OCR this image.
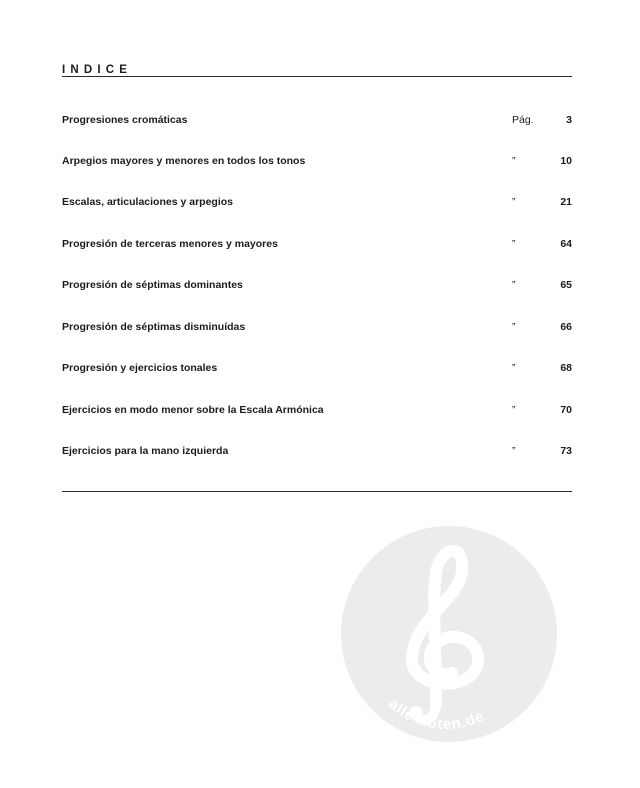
INDICE
Progresiones cromáticas	Pág.	3
Arpegios mayores y menores en todos los tonos	”	10
Escalas, articulaciones y arpegios	”	21
Progresión de terceras menores y mayores	”	64
Progresión de séptimas dominantes	”	65
Progresión de séptimas disminuídas	”	66
Progresión y ejercicios tonales	”	68
Ejercicios en modo menor sobre la Escala Armónica	”	70
Ejercicios para la mano izquierda	”	73
alle-noten.de
